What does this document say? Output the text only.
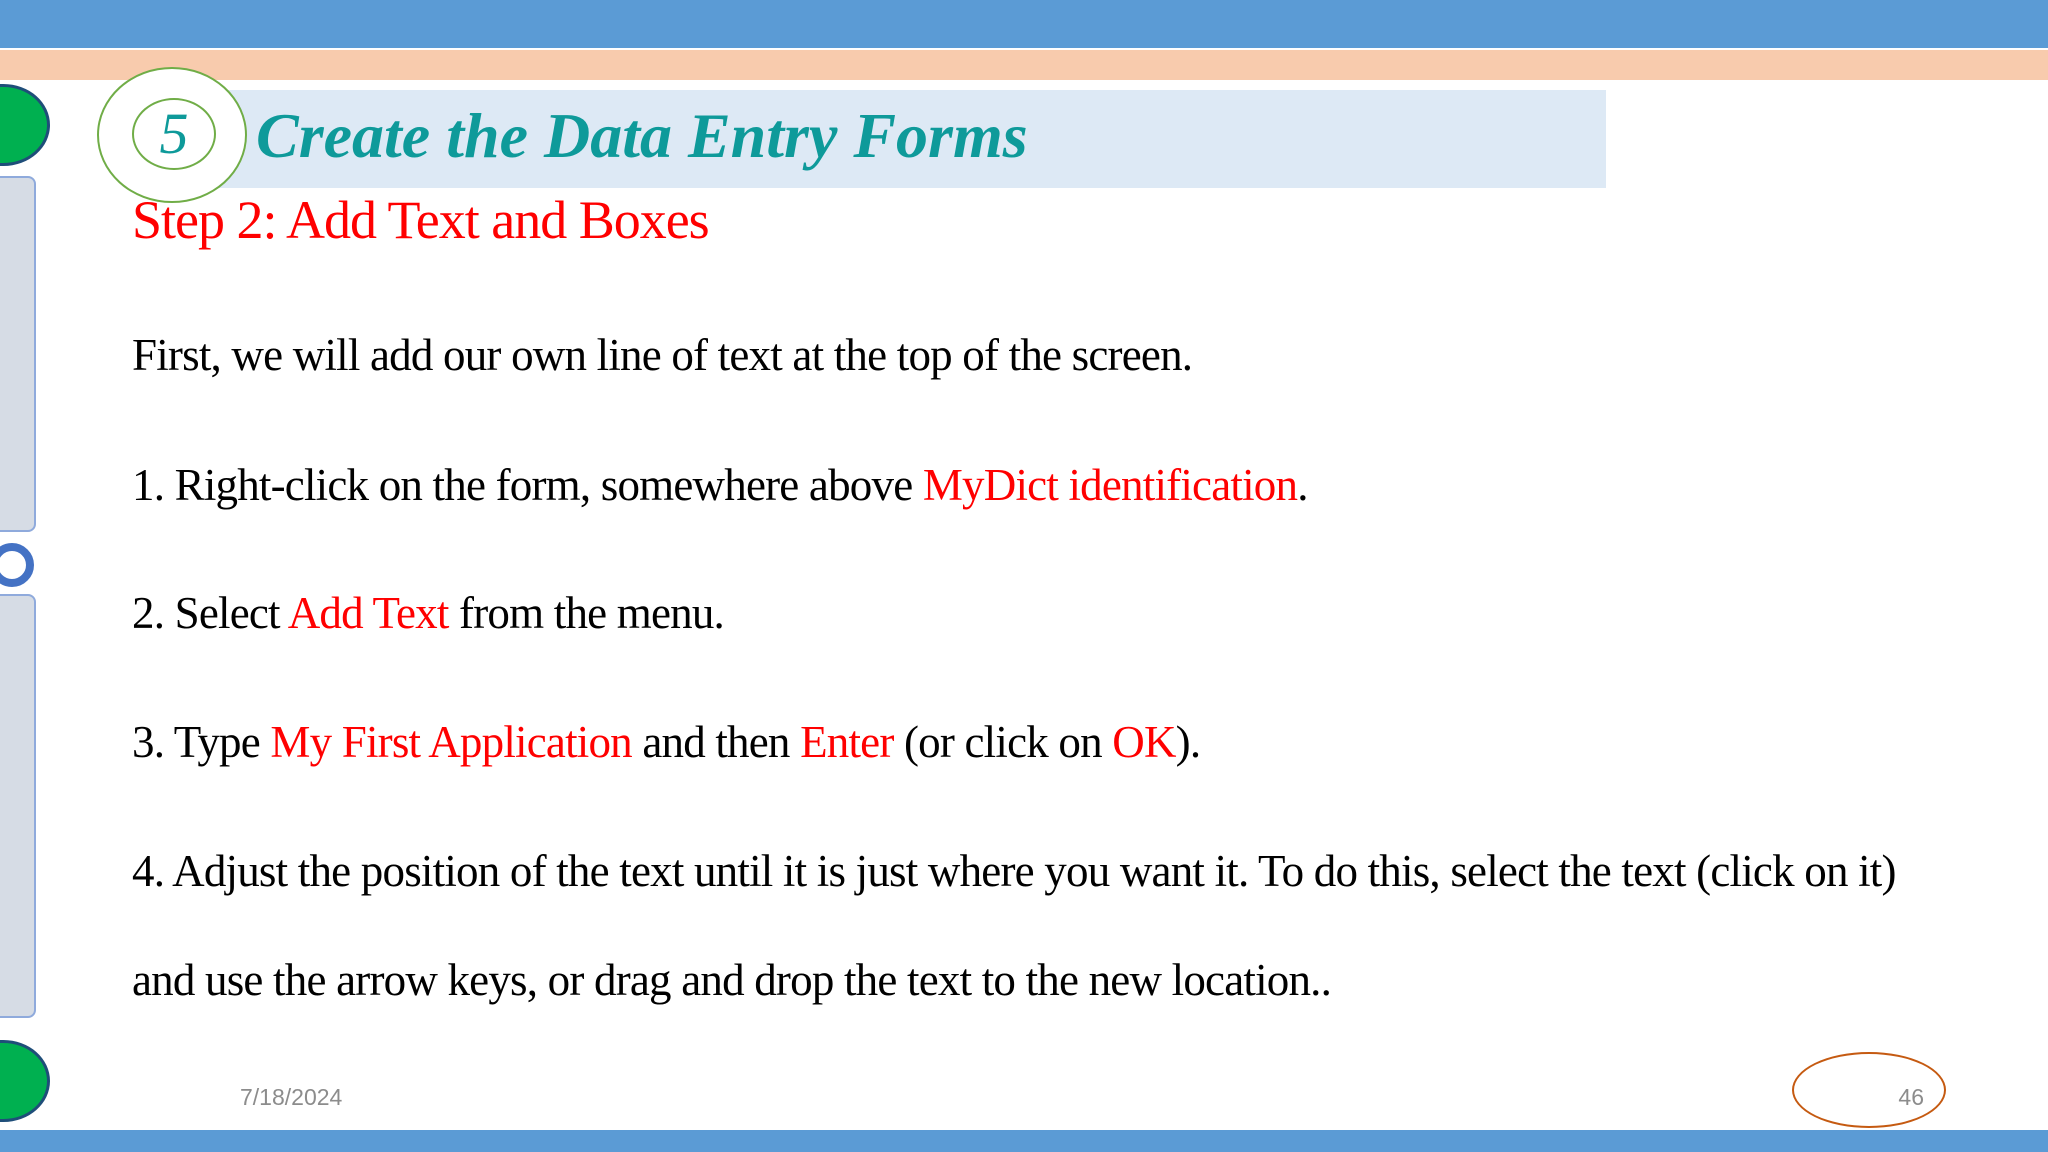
5	Create the Data Entry Forms
Step 2: Add Text and Boxes
First, we will add our own line of text at the top of the screen.
1. Right-click on the form, somewhere above MyDict identification.
2. Select Add Text from the menu.
3. Type My First Application and then Enter (or click on OK).
4. Adjust the position of the text until it is just where you want it. To do this, select the text (click on it)
and use the arrow keys, or drag and drop the text to the new location..
7/18/2024	46
